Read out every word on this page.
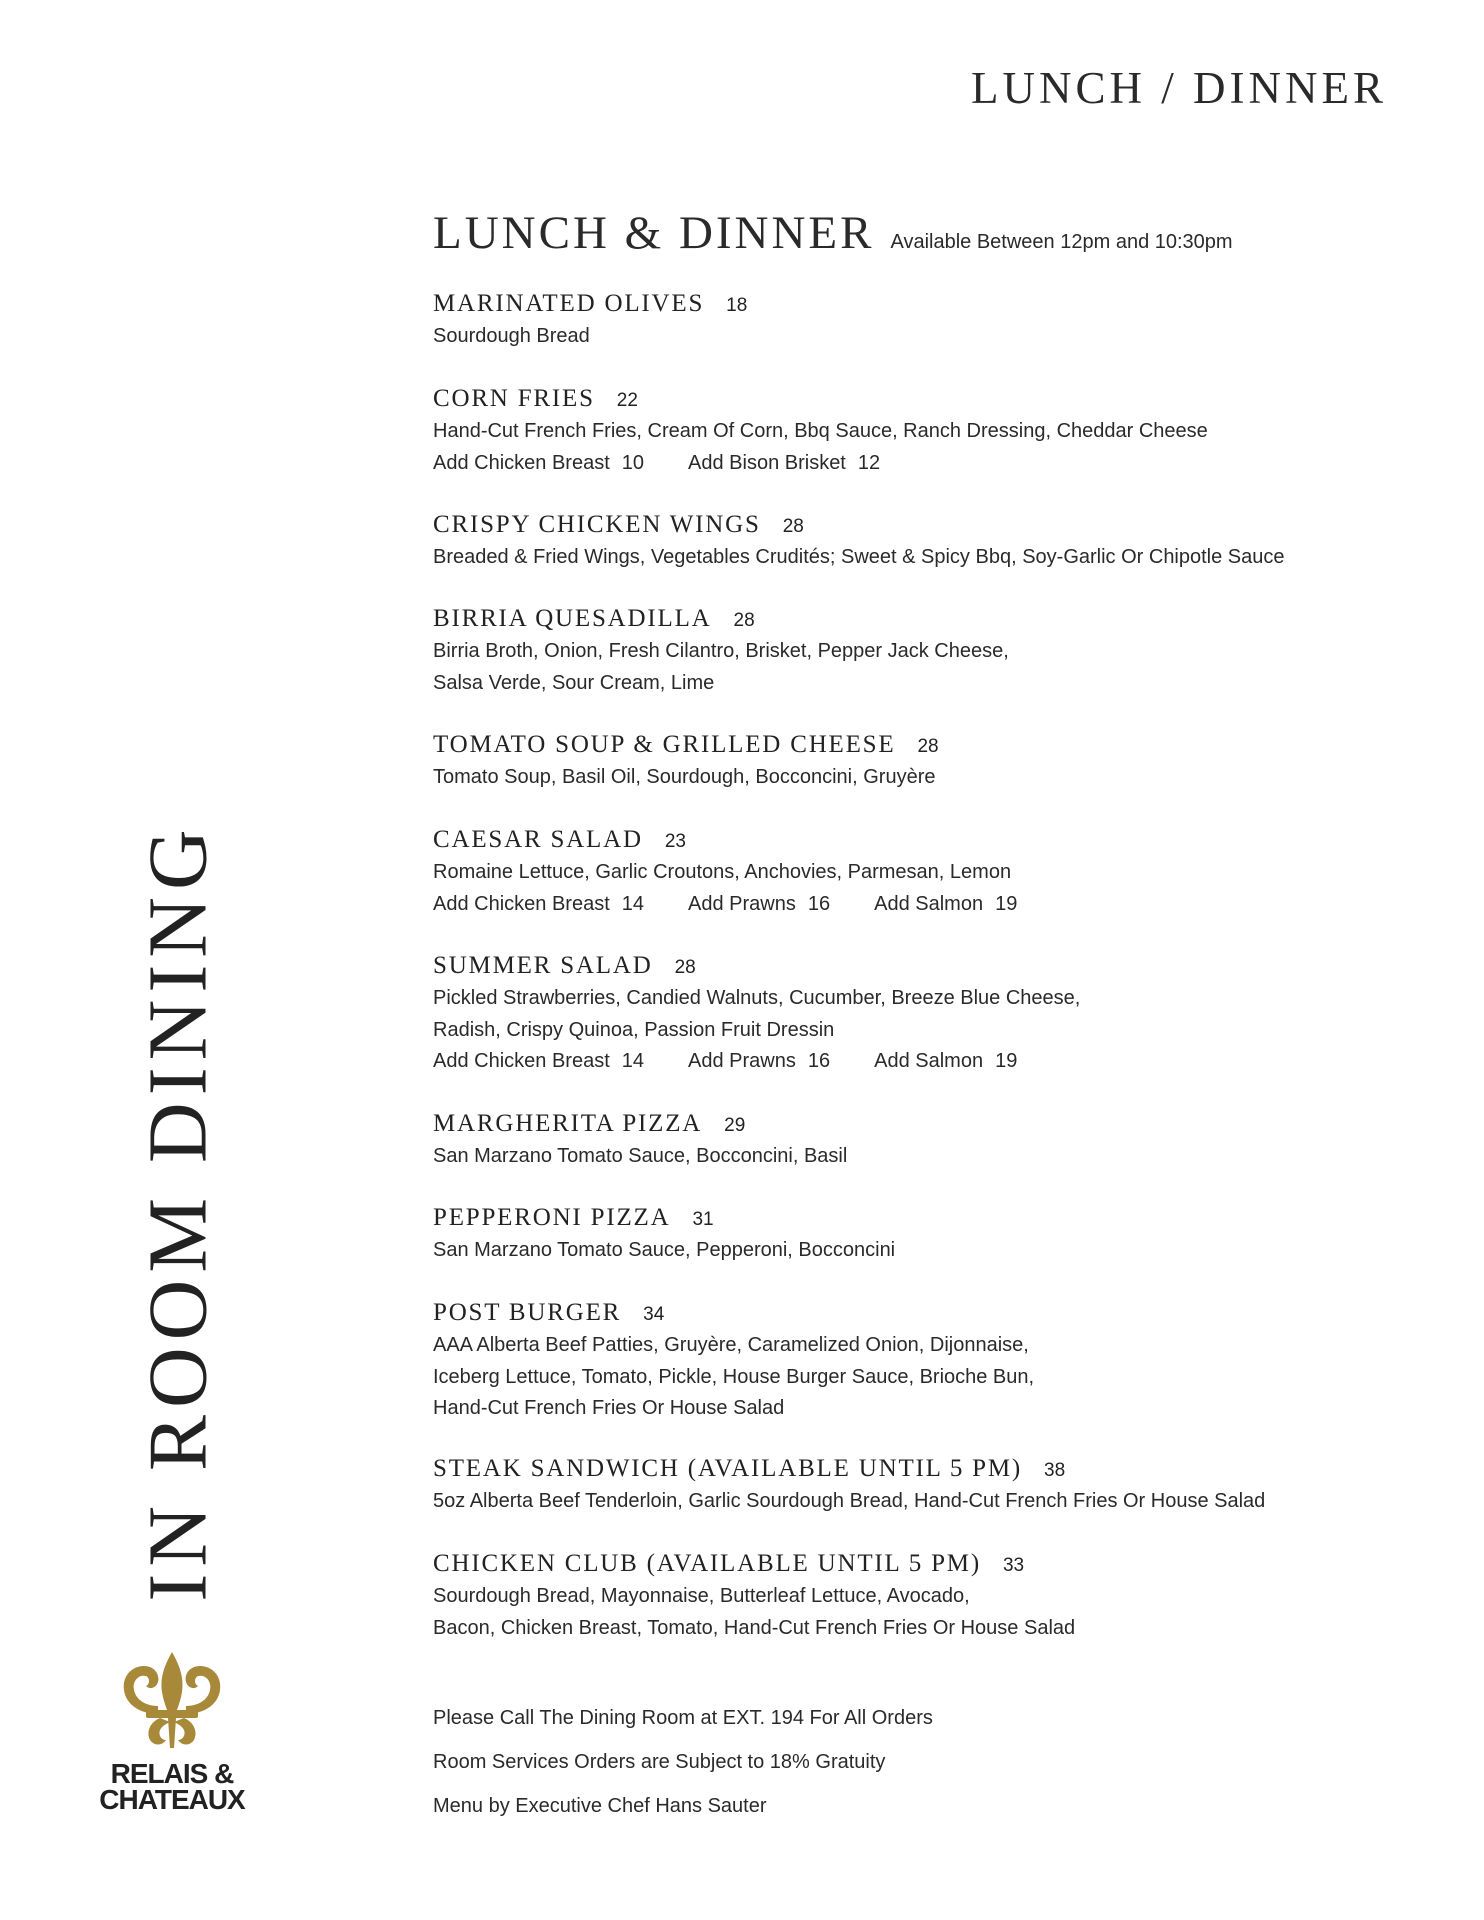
LUNCH / DINNER
LUNCH & DINNER Available Between 12pm and 10:30pm
MARINATED OLIVES 18
Sourdough Bread
CORN FRIES 22
Hand-Cut French Fries, Cream Of Corn, Bbq Sauce, Ranch Dressing, Cheddar Cheese
Add Chicken Breast 10 Add Bison Brisket 12
CRISPY CHICKEN WINGS 28
Breaded & Fried Wings, Vegetables Crudités; Sweet & Spicy Bbq, Soy-Garlic Or Chipotle Sauce
BIRRIA QUESADILLA 28
Birria Broth, Onion, Fresh Cilantro, Brisket, Pepper Jack Cheese,
Salsa Verde, Sour Cream, Lime
TOMATO SOUP & GRILLED CHEESE 28
Tomato Soup, Basil Oil, Sourdough, Bocconcini, Gruyère
CAESAR SALAD 23
Romaine Lettuce, Garlic Croutons, Anchovies, Parmesan, Lemon
Add Chicken Breast 14 Add Prawns 16 Add Salmon 19
SUMMER SALAD 28
Pickled Strawberries, Candied Walnuts, Cucumber, Breeze Blue Cheese,
Radish, Crispy Quinoa, Passion Fruit Dressin
Add Chicken Breast 14 Add Prawns 16 Add Salmon 19
MARGHERITA PIZZA 29
San Marzano Tomato Sauce, Bocconcini, Basil
PEPPERONI PIZZA 31
San Marzano Tomato Sauce, Pepperoni, Bocconcini
POST BURGER 34
AAA Alberta Beef Patties, Gruyère, Caramelized Onion, Dijonnaise,
Iceberg Lettuce, Tomato, Pickle, House Burger Sauce, Brioche Bun,
Hand-Cut French Fries Or House Salad
STEAK SANDWICH (AVAILABLE UNTIL 5 PM) 38
5oz Alberta Beef Tenderloin, Garlic Sourdough Bread, Hand-Cut French Fries Or House Salad
CHICKEN CLUB (AVAILABLE UNTIL 5 PM) 33
Sourdough Bread, Mayonnaise, Butterleaf Lettuce, Avocado,
Bacon, Chicken Breast, Tomato, Hand-Cut French Fries Or House Salad
IN ROOM DINING
RELAIS &
CHATEAUX
Please Call The Dining Room at EXT. 194 For All Orders
Room Services Orders are Subject to 18% Gratuity
Menu by Executive Chef Hans Sauter
